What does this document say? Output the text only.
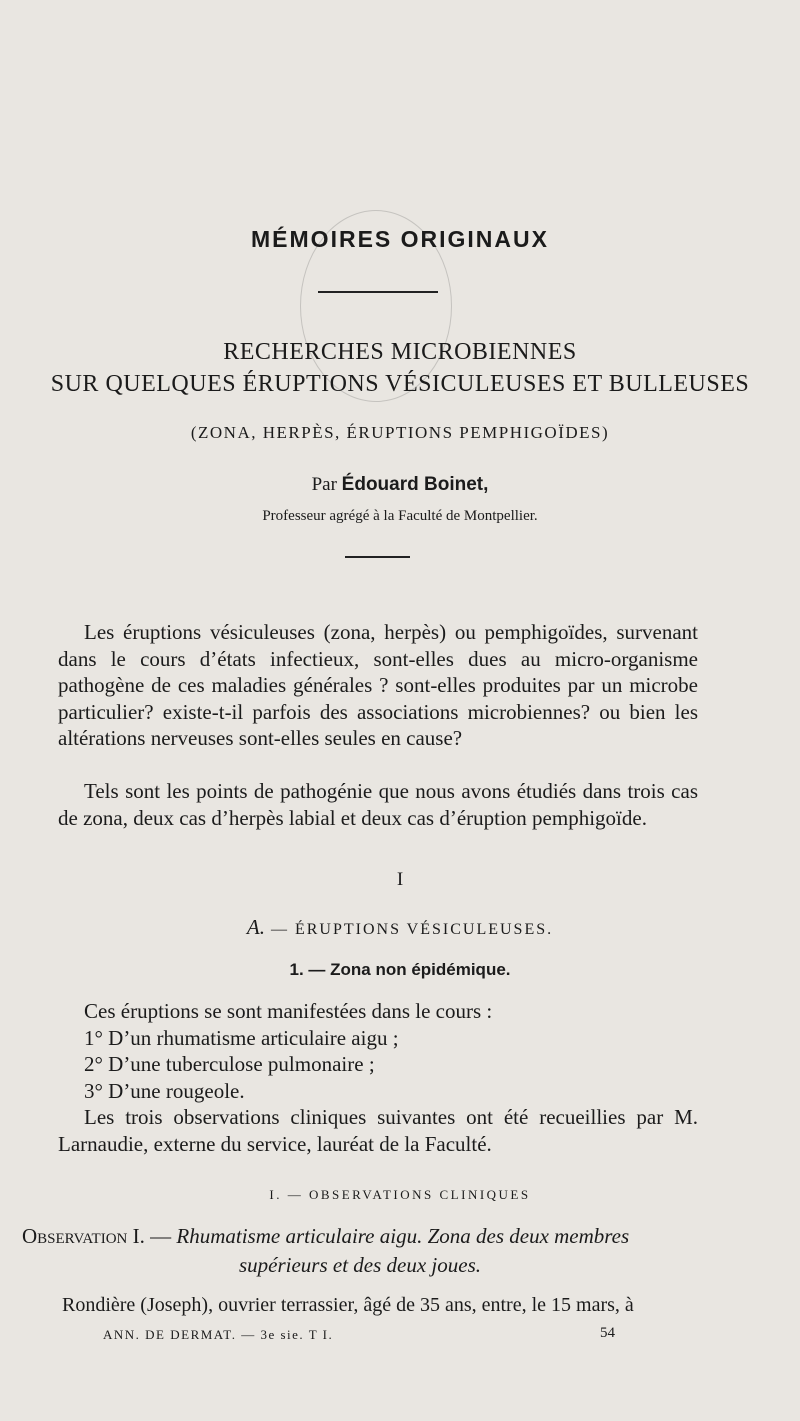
MÉMOIRES ORIGINAUX
RECHERCHES MICROBIENNES
SUR QUELQUES ÉRUPTIONS VÉSICULEUSES ET BULLEUSES
(ZONA, HERPÈS, ÉRUPTIONS PEMPHIGOÏDES)
Par Édouard Boinet,
Professeur agrégé à la Faculté de Montpellier.
Les éruptions vésiculeuses (zona, herpès) ou pemphigoïdes, survenant dans le cours d’états infectieux, sont-elles dues au micro-organisme pathogène de ces maladies générales ? sont-elles produites par un microbe particulier? existe-t-il parfois des associations microbiennes? ou bien les altérations nerveuses sont-elles seules en cause?
Tels sont les points de pathogénie que nous avons étudiés dans trois cas de zona, deux cas d’herpès labial et deux cas d’éruption pemphigoïde.
I
A. — ÉRUPTIONS VÉSICULEUSES.
1. — Zona non épidémique.
Ces éruptions se sont manifestées dans le cours :
1° D’un rhumatisme articulaire aigu ;
2° D’une tuberculose pulmonaire ;
3° D’une rougeole.
Les trois observations cliniques suivantes ont été recueillies par M. Larnaudie, externe du service, lauréat de la Faculté.
I. — OBSERVATIONS CLINIQUES
Observation I. — Rhumatisme articulaire aigu. Zona des deux membres
supérieurs et des deux joues.
Rondière (Joseph), ouvrier terrassier, âgé de 35 ans, entre, le 15 mars, à
ANN. DE DERMAT. — 3e sie. T I.	54
